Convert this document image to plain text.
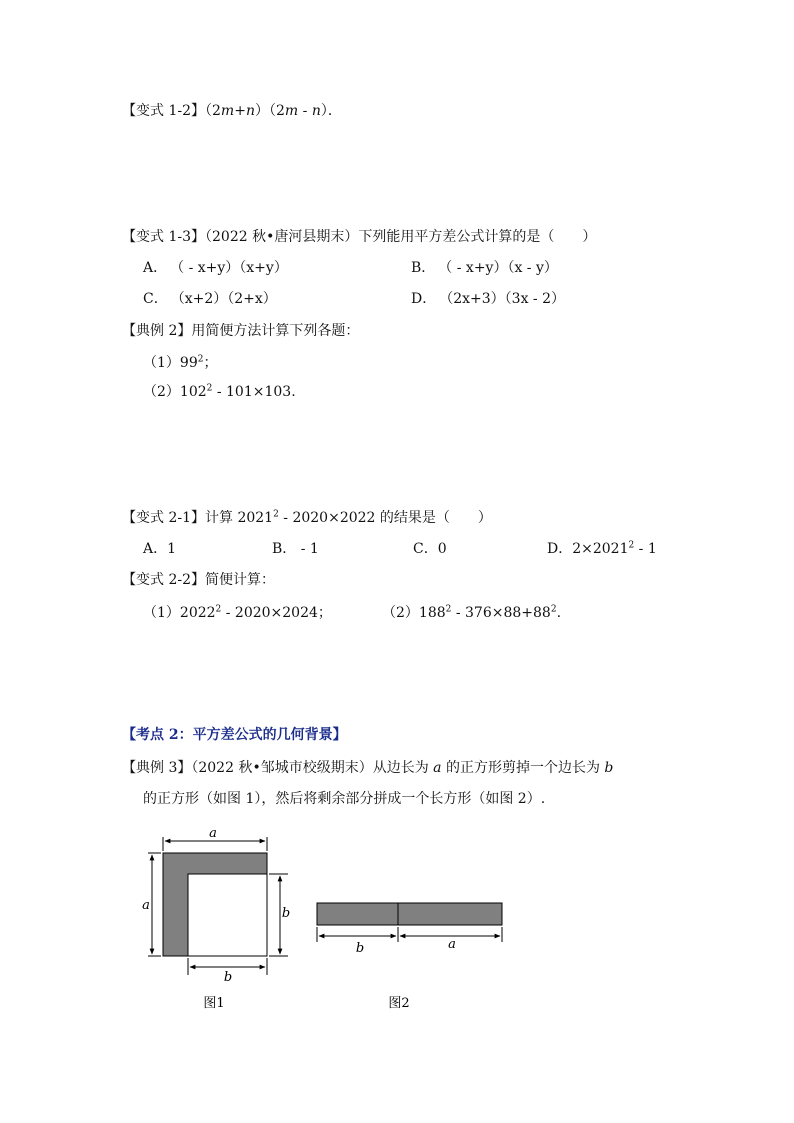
【变式 1-2】（2m+n）（2m - n）．
【变式 1-3】（2022 秋•唐河县期末）下列能用平方差公式计算的是（　　）
A． （ - x+y）（x+y）	B． （ - x+y）（x - y）
C． （x+2）（2+x）	D． （2x+3）（3x - 2）
【典例 2】用简便方法计算下列各题：
$(1)99^2$；
$(2)102^2 - 101\times 103$.
【变式 2-1】计算 2021$^2$ - 2020×2022 的结果是（　　）
A．1	B． - 1	C．0	D．$2\times 2021^2 - 1$
【变式 2-2】简便计算：
（1）2022$^2$ - 2020×2024；	$(2)188^2 - 376\times 88+88^2$.
【考点 2：平方差公式的几何背景】
【典例 3】（2022 秋•邹城市校级期末）从边长为 a 的正方形剪掉一个边长为 b
的正方形（如图 1），然后将剩余部分拼成一个长方形（如图 2）.
a
a
b
b
图1
b	a
图2
